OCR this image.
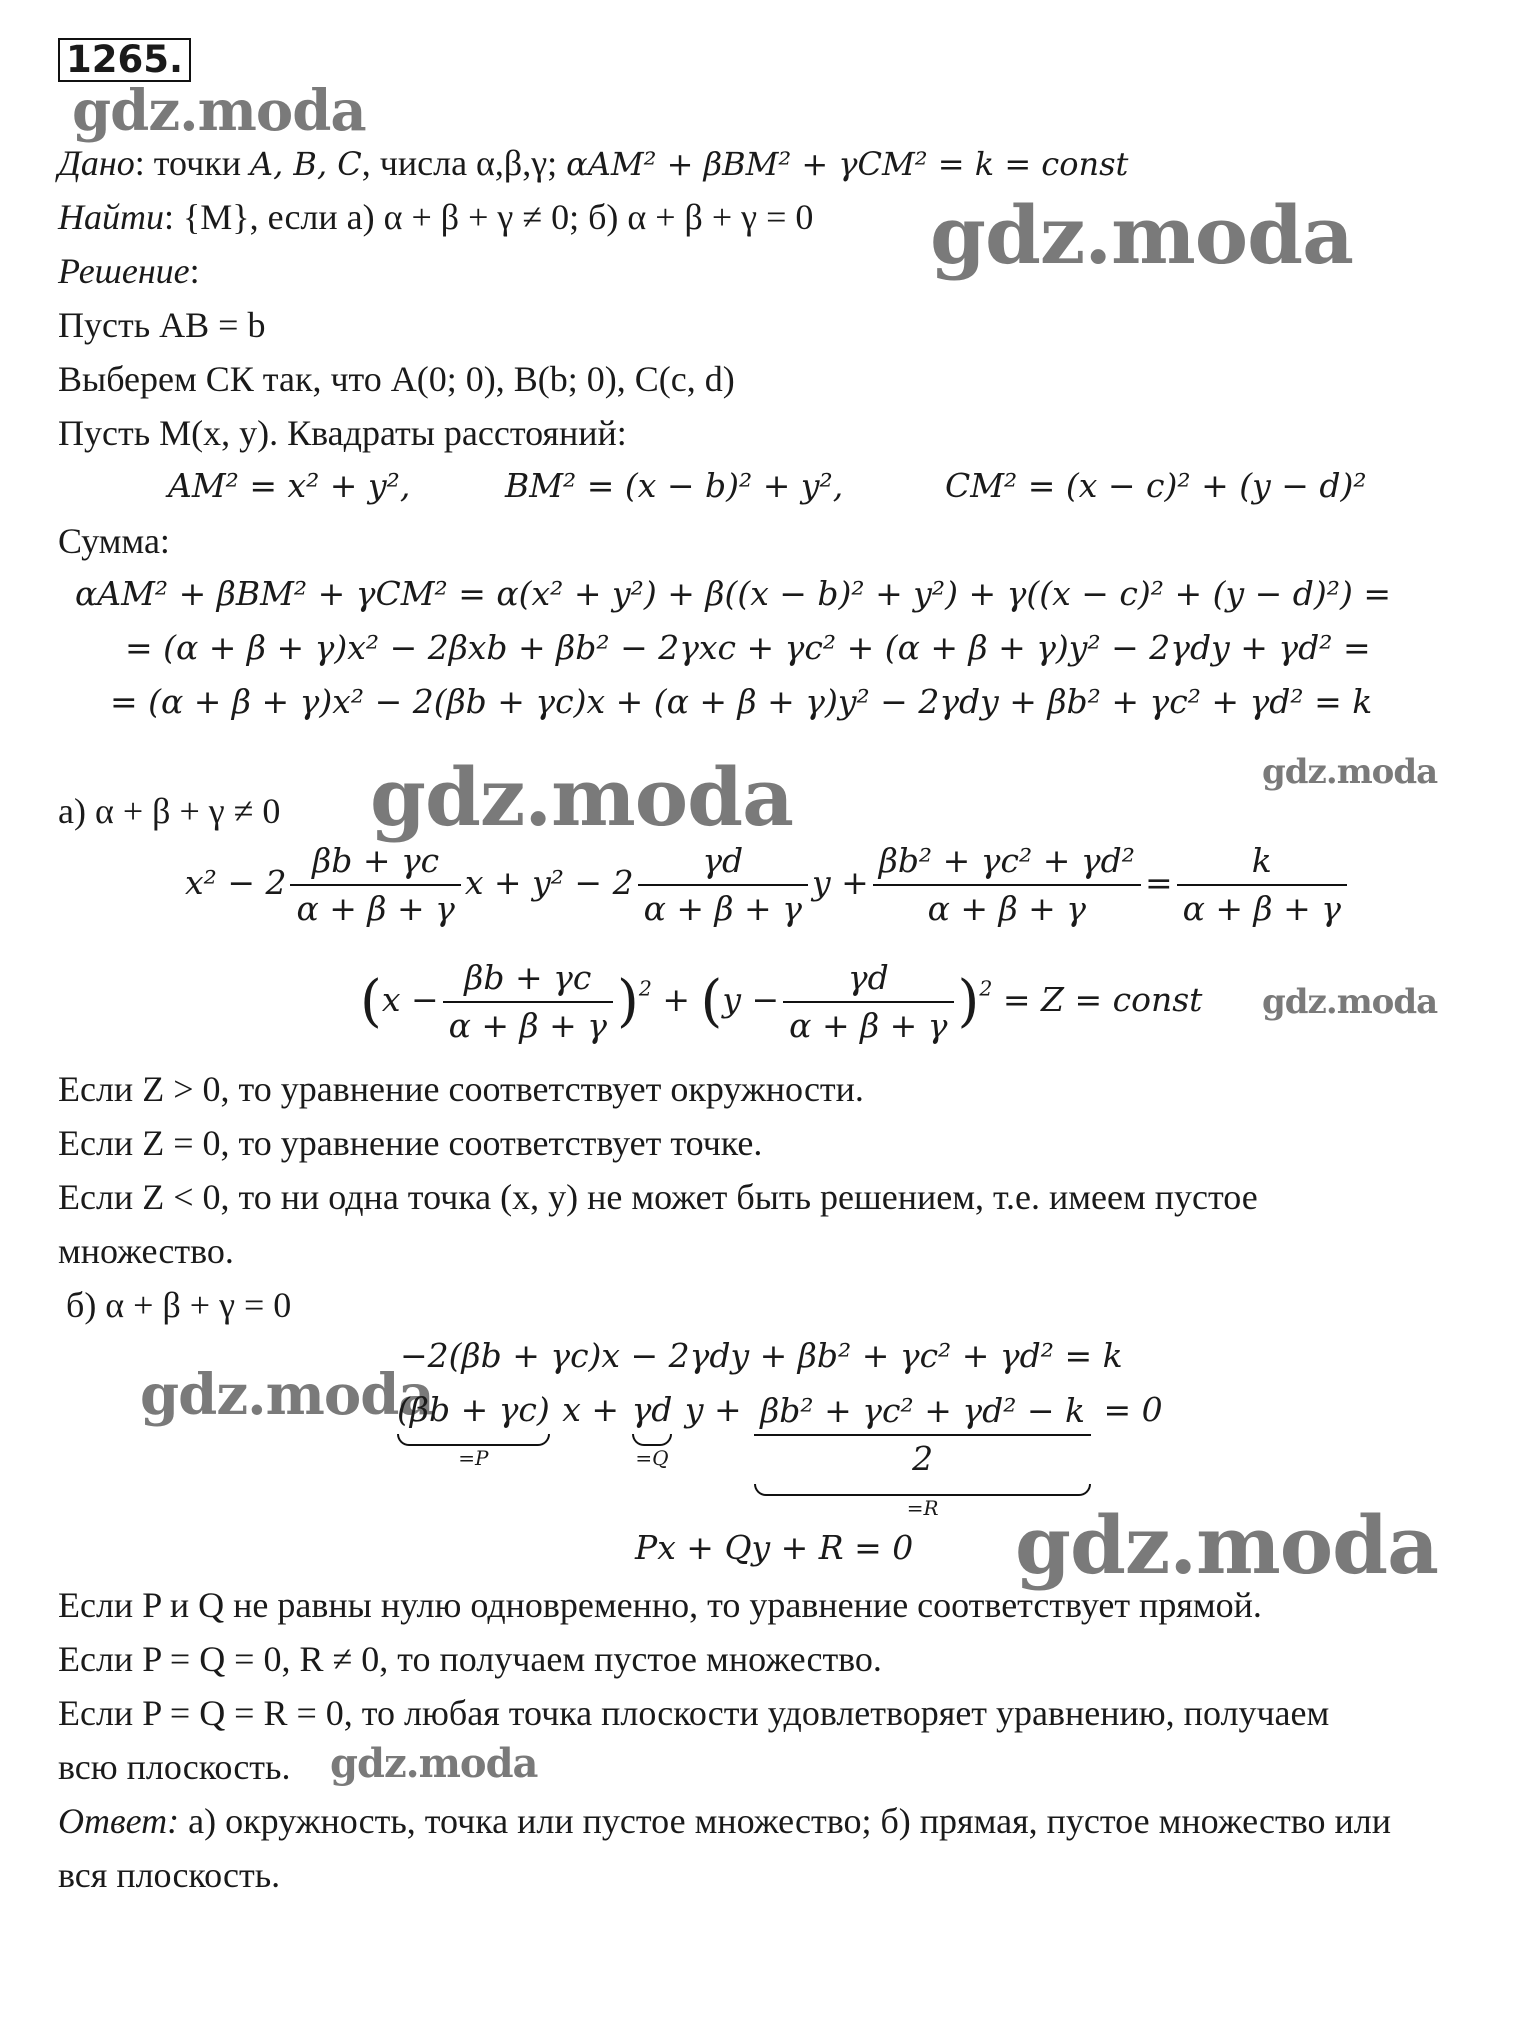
1265.
gdz.moda
gdz.moda
gdz.moda	gdz.moda
gdz.moda
gdz.moda
gdz.moda
gdz.moda
Дано: точки A, B, C, числа α,β,γ; αAM² + βBM² + γCM² = k = const
Найти: {M}, если а) α + β + γ ≠ 0; б) α + β + γ = 0
Решение:
Пусть AB = b
Выберем СК так, что A(0; 0), B(b; 0), C(c, d)
Пусть M(x, y). Квадраты расстояний:
AM² = x² + y²,	BM² = (x − b)² + y²,	CM² = (x − c)² + (y − d)²
Сумма:
αAM² + βBM² + γCM² = α(x² + y²) + β((x − b)² + y²) + γ((x − c)² + (y − d)²) =
= (α + β + γ)x² − 2βxb + βb² − 2γxc + γc² + (α + β + γ)y² − 2γdy + γd² =
= (α + β + γ)x² − 2(βb + γc)x + (α + β + γ)y² − 2γdy + βb² + γc² + γd² = k
а) α + β + γ ≠ 0
$x^2 - 2 \frac{\beta b + \gamma c}{\alpha + \beta + \gamma}$ $x + y^2 - 2 \frac{\gamma d}{\alpha + \beta + \gamma}$ $y + \frac{\text{βb² + γc² + γd²}}{\alpha + \beta + \gamma} = \frac{k}{\alpha + \beta + \gamma}$
$(x - \frac{\beta b + \gamma c}{\alpha + \beta + \gamma} )^2 + (y - \frac{\gamma d}{\alpha + \beta + \gamma} )^2 = Z$ = const
Если Z > 0, то уравнение соответствует окружности.
Если Z = 0, то уравнение соответствует точке.
Если Z < 0, то ни одна точка (x, y) не может быть решением, т.е. имеем пустое
множество.
б) α + β + γ = 0
−2(βb + γc)x − 2γdy + βb² + γc² + γd² = k
(βb + γc)
=P
x + γd
=Q
$y + \frac{\text{βb² + γc² + γd² − k}}{2}$
=R
= 0
Px + Qy + R = 0
Если P и Q не равны нулю одновременно, то уравнение соответствует прямой.
Если P = Q = 0, R ≠ 0, то получаем пустое множество.
Если P = Q = R = 0, то любая точка плоскости удовлетворяет уравнению, получаем
всю плоскость.
Ответ: а) окружность, точка или пустое множество; б) прямая, пустое множество или
вся плоскость.
